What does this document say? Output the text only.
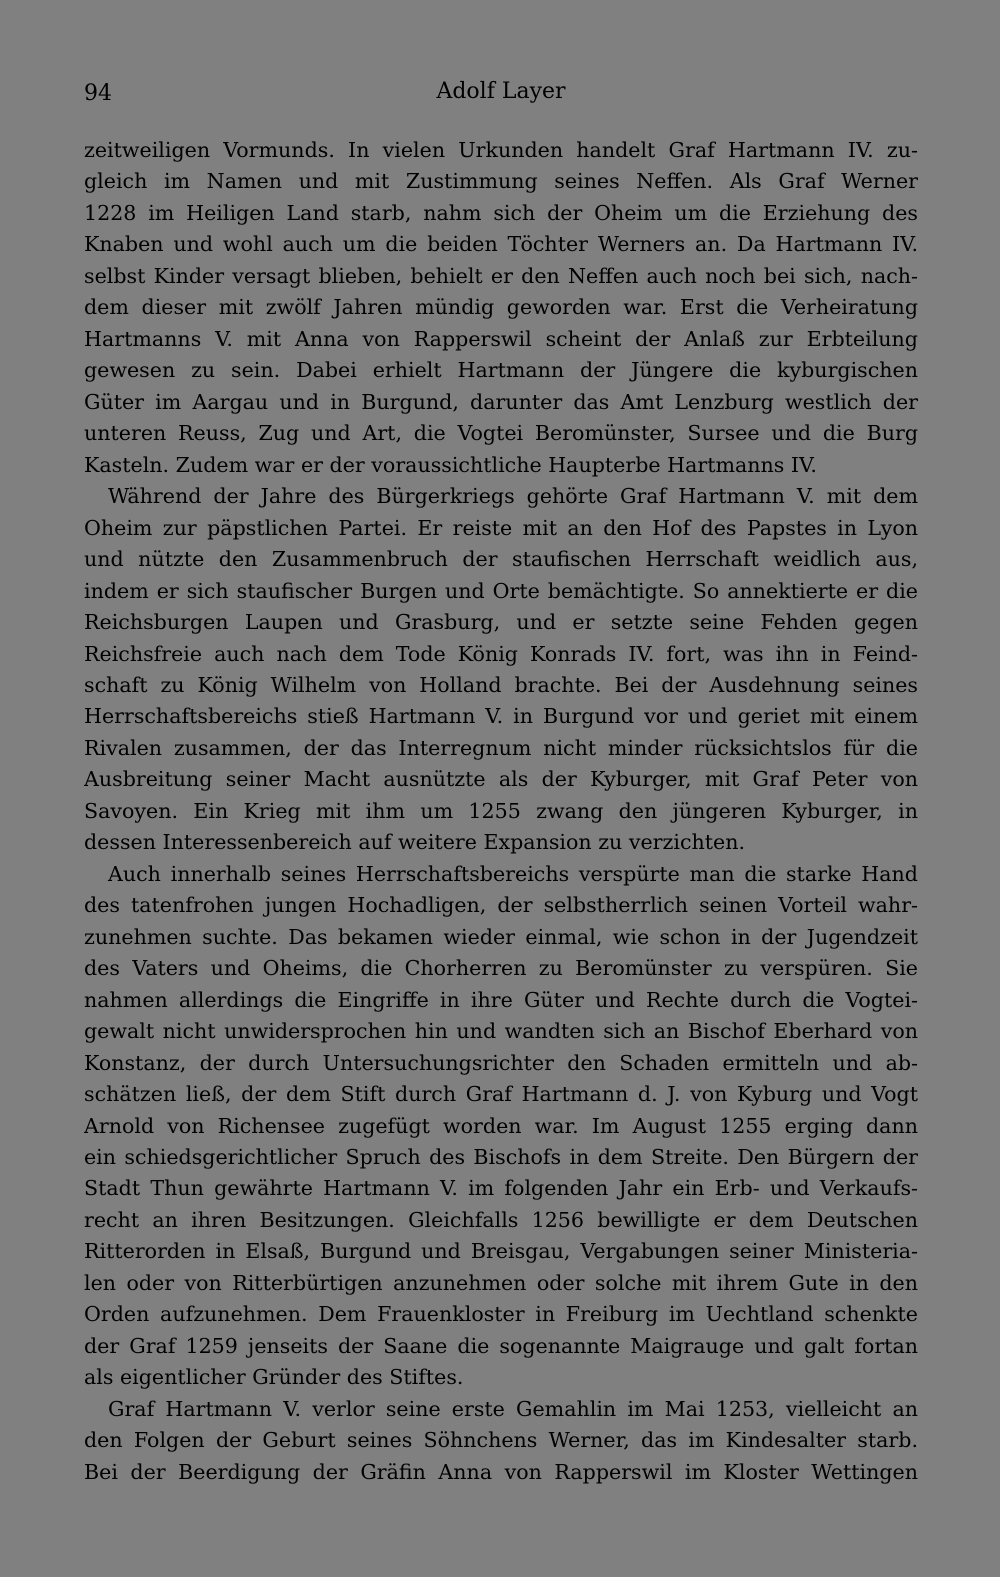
94	Adolf Layer
zeitweiligen Vormunds. In vielen Urkunden handelt Graf Hartmann IV. zu-
gleich im Namen und mit Zustimmung seines Neffen. Als Graf Werner
1228 im Heiligen Land starb, nahm sich der Oheim um die Erziehung des
Knaben und wohl auch um die beiden Töchter Werners an. Da Hartmann IV.
selbst Kinder versagt blieben, behielt er den Neffen auch noch bei sich, nach-
dem dieser mit zwölf Jahren mündig geworden war. Erst die Verheiratung
Hartmanns V. mit Anna von Rapperswil scheint der Anlaß zur Erbteilung
gewesen zu sein. Dabei erhielt Hartmann der Jüngere die kyburgischen
Güter im Aargau und in Burgund, darunter das Amt Lenzburg westlich der
unteren Reuss, Zug und Art, die Vogtei Beromünster, Sursee und die Burg
Kasteln. Zudem war er der voraussichtliche Haupterbe Hartmanns IV.
Während der Jahre des Bürgerkriegs gehörte Graf Hartmann V. mit dem
Oheim zur päpstlichen Partei. Er reiste mit an den Hof des Papstes in Lyon
und nützte den Zusammenbruch der staufischen Herrschaft weidlich aus,
indem er sich staufischer Burgen und Orte bemächtigte. So annektierte er die
Reichsburgen Laupen und Grasburg, und er setzte seine Fehden gegen
Reichsfreie auch nach dem Tode König Konrads IV. fort, was ihn in Feind-
schaft zu König Wilhelm von Holland brachte. Bei der Ausdehnung seines
Herrschaftsbereichs stieß Hartmann V. in Burgund vor und geriet mit einem
Rivalen zusammen, der das Interregnum nicht minder rücksichtslos für die
Ausbreitung seiner Macht ausnützte als der Kyburger, mit Graf Peter von
Savoyen. Ein Krieg mit ihm um 1255 zwang den jüngeren Kyburger, in
dessen Interessenbereich auf weitere Expansion zu verzichten.
Auch innerhalb seines Herrschaftsbereichs verspürte man die starke Hand
des tatenfrohen jungen Hochadligen, der selbstherrlich seinen Vorteil wahr-
zunehmen suchte. Das bekamen wieder einmal, wie schon in der Jugendzeit
des Vaters und Oheims, die Chorherren zu Beromünster zu verspüren. Sie
nahmen allerdings die Eingriffe in ihre Güter und Rechte durch die Vogtei-
gewalt nicht unwidersprochen hin und wandten sich an Bischof Eberhard von
Konstanz, der durch Untersuchungsrichter den Schaden ermitteln und ab-
schätzen ließ, der dem Stift durch Graf Hartmann d. J. von Kyburg und Vogt
Arnold von Richensee zugefügt worden war. Im August 1255 erging dann
ein schiedsgerichtlicher Spruch des Bischofs in dem Streite. Den Bürgern der
Stadt Thun gewährte Hartmann V. im folgenden Jahr ein Erb- und Verkaufs-
recht an ihren Besitzungen. Gleichfalls 1256 bewilligte er dem Deutschen
Ritterorden in Elsaß, Burgund und Breisgau, Vergabungen seiner Ministeria-
len oder von Ritterbürtigen anzunehmen oder solche mit ihrem Gute in den
Orden aufzunehmen. Dem Frauenkloster in Freiburg im Uechtland schenkte
der Graf 1259 jenseits der Saane die sogenannte Maigrauge und galt fortan
als eigentlicher Gründer des Stiftes.
Graf Hartmann V. verlor seine erste Gemahlin im Mai 1253, vielleicht an
den Folgen der Geburt seines Söhnchens Werner, das im Kindesalter starb.
Bei der Beerdigung der Gräfin Anna von Rapperswil im Kloster Wettingen
